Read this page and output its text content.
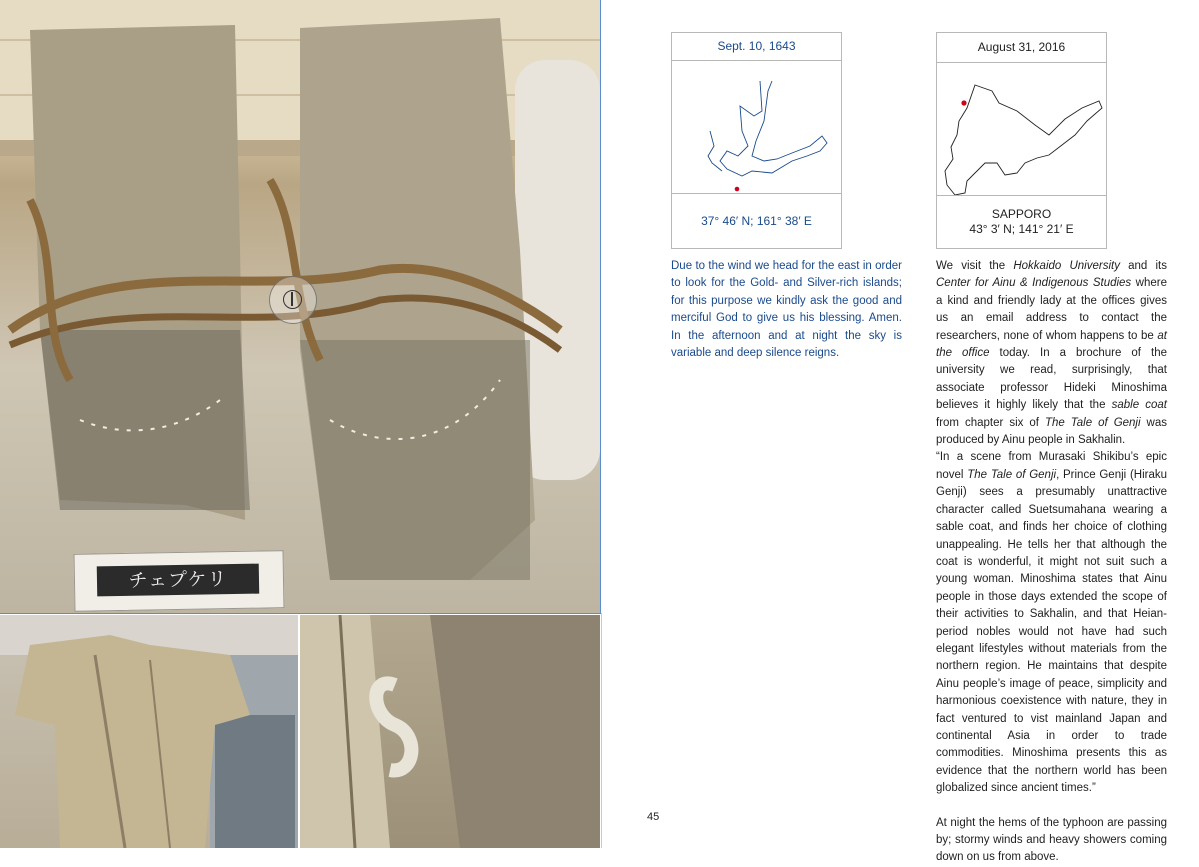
チェプケリ
Sept. 10, 1643
37° 46′ N; 161° 38′ E
August 31, 2016
SAPPORO
43° 3′ N; 141° 21′ E
Due to the wind we head for the east in order to look for the Gold- and Silver-rich islands; for this purpose we kindly ask the good and merciful God to give us his blessing. Amen. In the afternoon and at night the sky is variable and deep silence reigns.

We visit the Hokkaido University and its Center for Ainu & Indigenous Studies where a kind and friendly lady at the offices gives us an email address to contact the researchers, none of whom happens to be at the office today. In a brochure of the university we read, surprisingly, that associate professor Hideki Minoshima believes it highly likely that the sable coat from chapter six of The Tale of Genji was produced by Ainu people in Sakhalin.

“In a scene from Murasaki Shikibu’s epic novel The Tale of Genji, Prince Genji (Hiraku Genji) sees a presumably unattractive character called Suetsumahana wearing a sable coat, and finds her choice of clothing unappealing. He tells her that although the coat is wonderful, it might not suit such a young woman. Minoshima states that Ainu people in those days extended the scope of their activities to Sakhalin, and that Heian-period nobles would not have had such elegant lifestyles without materials from the northern region. He maintains that despite Ainu people’s image of peace, simplicity and harmonious coexistence with nature, they in fact ventured to vist mainland Japan and continental Asia in order to trade commodities. Minoshima presents this as evidence that the northern world has been globalized since ancient times.”

At night the hems of the typhoon are passing by; stormy winds and heavy showers coming down on us from above.

45
